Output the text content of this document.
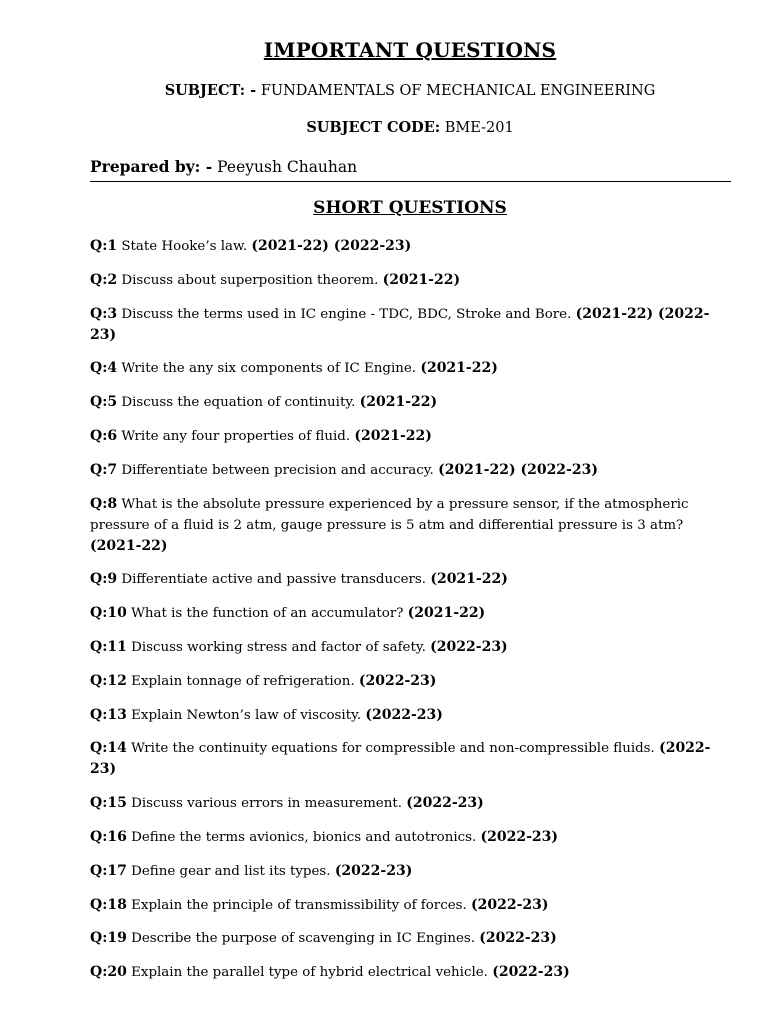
IMPORTANT QUESTIONS
SUBJECT: - FUNDAMENTALS OF MECHANICAL ENGINEERING
SUBJECT CODE: BME-201
Prepared by: - Peeyush Chauhan
SHORT QUESTIONS
Q:1 State Hooke’s law. (2021-22) (2022-23)
Q:2 Discuss about superposition theorem. (2021-22)
Q:3 Discuss the terms used in IC engine - TDC, BDC, Stroke and Bore. (2021-22) (2022-23)
Q:4 Write the any six components of IC Engine. (2021-22)
Q:5 Discuss the equation of continuity. (2021-22)
Q:6 Write any four properties of fluid. (2021-22)
Q:7 Differentiate between precision and accuracy. (2021-22) (2022-23)
Q:8 What is the absolute pressure experienced by a pressure sensor, if the atmospheric pressure of a fluid is 2 atm, gauge pressure is 5 atm and differential pressure is 3 atm? (2021-22)
Q:9 Differentiate active and passive transducers. (2021-22)
Q:10 What is the function of an accumulator? (2021-22)
Q:11 Discuss working stress and factor of safety. (2022-23)
Q:12 Explain tonnage of refrigeration. (2022-23)
Q:13 Explain Newton’s law of viscosity. (2022-23)
Q:14 Write the continuity equations for compressible and non-compressible fluids. (2022-23)
Q:15 Discuss various errors in measurement. (2022-23)
Q:16 Define the terms avionics, bionics and autotronics. (2022-23)
Q:17 Define gear and list its types. (2022-23)
Q:18 Explain the principle of transmissibility of forces. (2022-23)
Q:19 Describe the purpose of scavenging in IC Engines. (2022-23)
Q:20 Explain the parallel type of hybrid electrical vehicle. (2022-23)
